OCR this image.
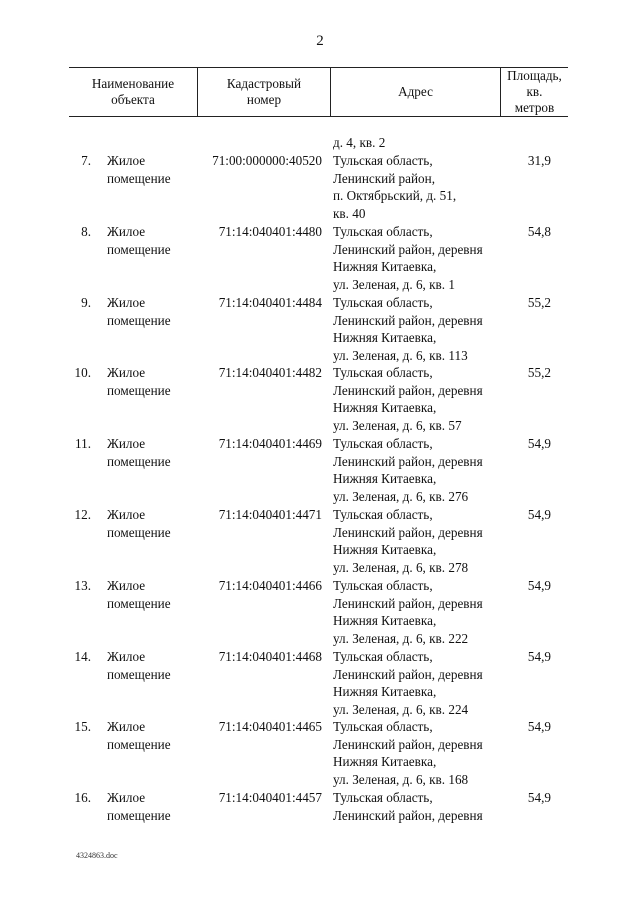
2
Наименование
объекта
Кадастровый
номер
Адрес
Площадь,
кв.
метров
д. 4, кв. 2
7. Жилое
помещение
71:00:000000:40520 Тульская область,
Ленинский район,
п. Октябрьский, д. 51,
кв. 40
31,9
8. Жилое
помещение
71:14:040401:4480 Тульская область,
Ленинский район, деревня
Нижняя Китаевка,
ул. Зеленая, д. 6, кв. 1
54,8
9. Жилое
помещение
71:14:040401:4484 Тульская область,
Ленинский район, деревня
Нижняя Китаевка,
ул. Зеленая, д. 6, кв. 113
55,2
10. Жилое
помещение
71:14:040401:4482 Тульская область,
Ленинский район, деревня
Нижняя Китаевка,
ул. Зеленая, д. 6, кв. 57
55,2
11. Жилое
помещение
71:14:040401:4469 Тульская область,
Ленинский район, деревня
Нижняя Китаевка,
ул. Зеленая, д. 6, кв. 276
54,9
12. Жилое
помещение
71:14:040401:4471 Тульская область,
Ленинский район, деревня
Нижняя Китаевка,
ул. Зеленая, д. 6, кв. 278
54,9
13. Жилое
помещение
71:14:040401:4466 Тульская область,
Ленинский район, деревня
Нижняя Китаевка,
ул. Зеленая, д. 6, кв. 222
54,9
14. Жилое
помещение
71:14:040401:4468 Тульская область,
Ленинский район, деревня
Нижняя Китаевка,
ул. Зеленая, д. 6, кв. 224
54,9
15. Жилое
помещение
71:14:040401:4465 Тульская область,
Ленинский район, деревня
Нижняя Китаевка,
ул. Зеленая, д. 6, кв. 168
54,9
16. Жилое
помещение
71:14:040401:4457 Тульская область,
Ленинский район, деревня
54,9
4324863.doc
